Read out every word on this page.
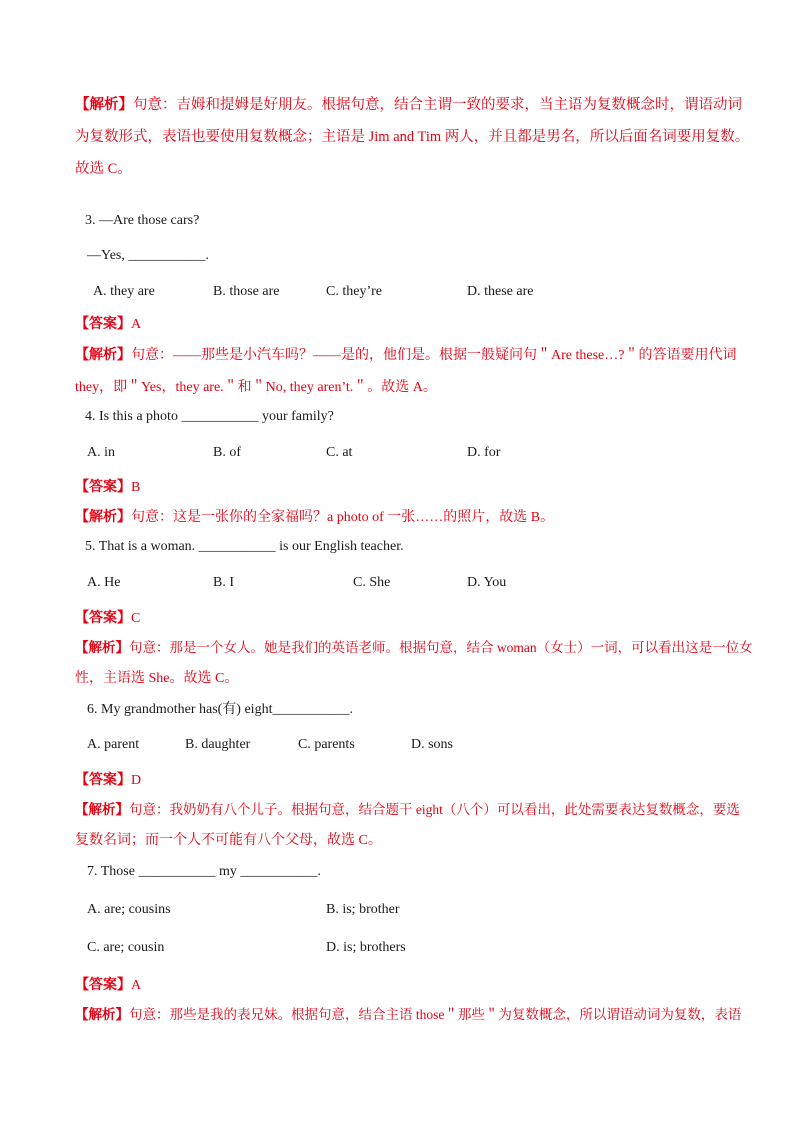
【解析】句意：吉姆和提姆是好朋友。根据句意，结合主谓一致的要求，当主语为复数概念时，谓语动词
为复数形式，表语也要使用复数概念；主语是 Jim and Tim 两人，并且都是男名，所以后面名词要用复数。
故选 C。
3. —Are those cars?
—Yes, ___________.
A. they are	B. those are	C. they’re	D. these are
【答案】A
【解析】句意：——那些是小汽车吗？——是的，他们是。根据一般疑问句＂Are these…?＂的答语要用代词
they，即＂Yes，they are.＂和＂No, they aren’t.＂。故选 A。
4. Is this a photo ___________ your family?
A. in	B. of	C. at	D. for
【答案】B
【解析】句意：这是一张你的全家福吗？a photo of 一张……的照片，故选 B。
5. That is a woman. ___________ is our English teacher.
A. He	B. I	C. She	D. You
【答案】C
【解析】句意：那是一个女人。她是我们的英语老师。根据句意，结合 woman（女士）一词，可以看出这是一位女
性，主语选 She。故选 C。
6. My grandmother has(有) eight___________.
A. parent	B. daughter	C. parents	D. sons
【答案】D
【解析】句意：我奶奶有八个儿子。根据句意，结合题干 eight（八个）可以看出，此处需要表达复数概念，要选
复数名词；而一个人不可能有八个父母，故选 C。
7. Those ___________ my ___________.
A. are; cousins	B. is; brother
C. are; cousin	D. is; brothers
【答案】A
【解析】句意：那些是我的表兄妹。根据句意，结合主语 those＂那些＂为复数概念，所以谓语动词为复数，表语
